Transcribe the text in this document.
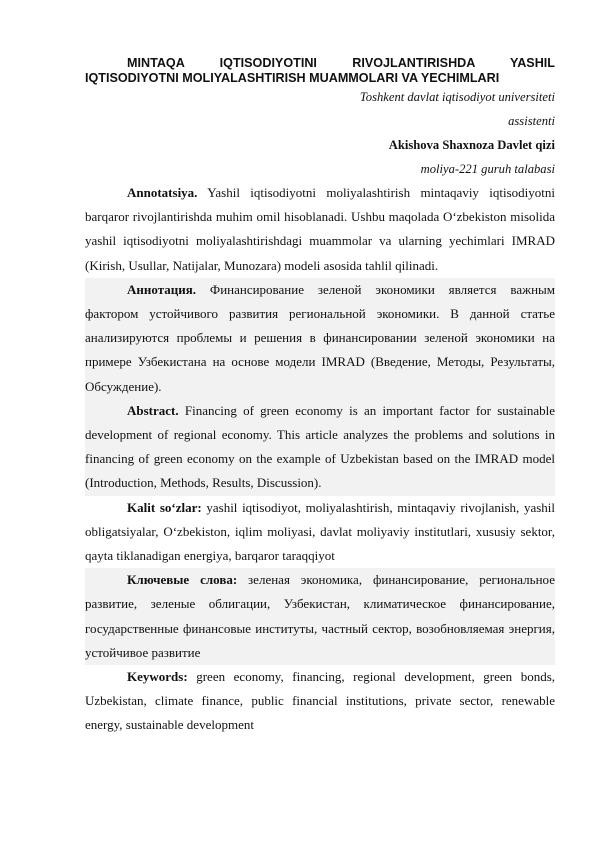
MINTAQA IQTISODIYOTINI RIVOJLANTIRISHDA YASHIL IQTISODIYOTNI MOLIYALASHTIRISH MUAMMOLARI VA YECHIMLARI

Toshkent davlat iqtisodiyot universiteti

assistenti

Akishova Shaxnoza Davlet qizi

moliya-221 guruh talabasi

Annotatsiya. Yashil iqtisodiyotni moliyalashtirish mintaqaviy iqtisodiyotni barqaror rivojlantirishda muhim omil hisoblanadi. Ushbu maqolada O‘zbekiston misolida yashil iqtisodiyotni moliyalashtirishdagi muammolar va ularning yechimlari IMRAD (Kirish, Usullar, Natijalar, Munozara) modeli asosida tahlil qilinadi.

Аннотация. Финансирование зеленой экономики является важным фактором устойчивого развития региональной экономики. В данной статье анализируются проблемы и решения в финансировании зеленой экономики на примере Узбекистана на основе модели IMRAD (Введение, Методы, Результаты, Обсуждение).

Abstract. Financing of green economy is an important factor for sustainable development of regional economy. This article analyzes the problems and solutions in financing of green economy on the example of Uzbekistan based on the IMRAD model (Introduction, Methods, Results, Discussion).

Kalit so‘zlar: yashil iqtisodiyot, moliyalashtirish, mintaqaviy rivojlanish, yashil obligatsiyalar, O‘zbekiston, iqlim moliyasi, davlat moliyaviy institutlari, xususiy sektor, qayta tiklanadigan energiya, barqaror taraqqiyot

Ключевые слова: зеленая экономика, финансирование, региональное развитие, зеленые облигации, Узбекистан, климатическое финансирование, государственные финансовые институты, частный сектор, возобновляемая энергия, устойчивое развитие

Keywords: green economy, financing, regional development, green bonds, Uzbekistan, climate finance, public financial institutions, private sector, renewable energy, sustainable development
